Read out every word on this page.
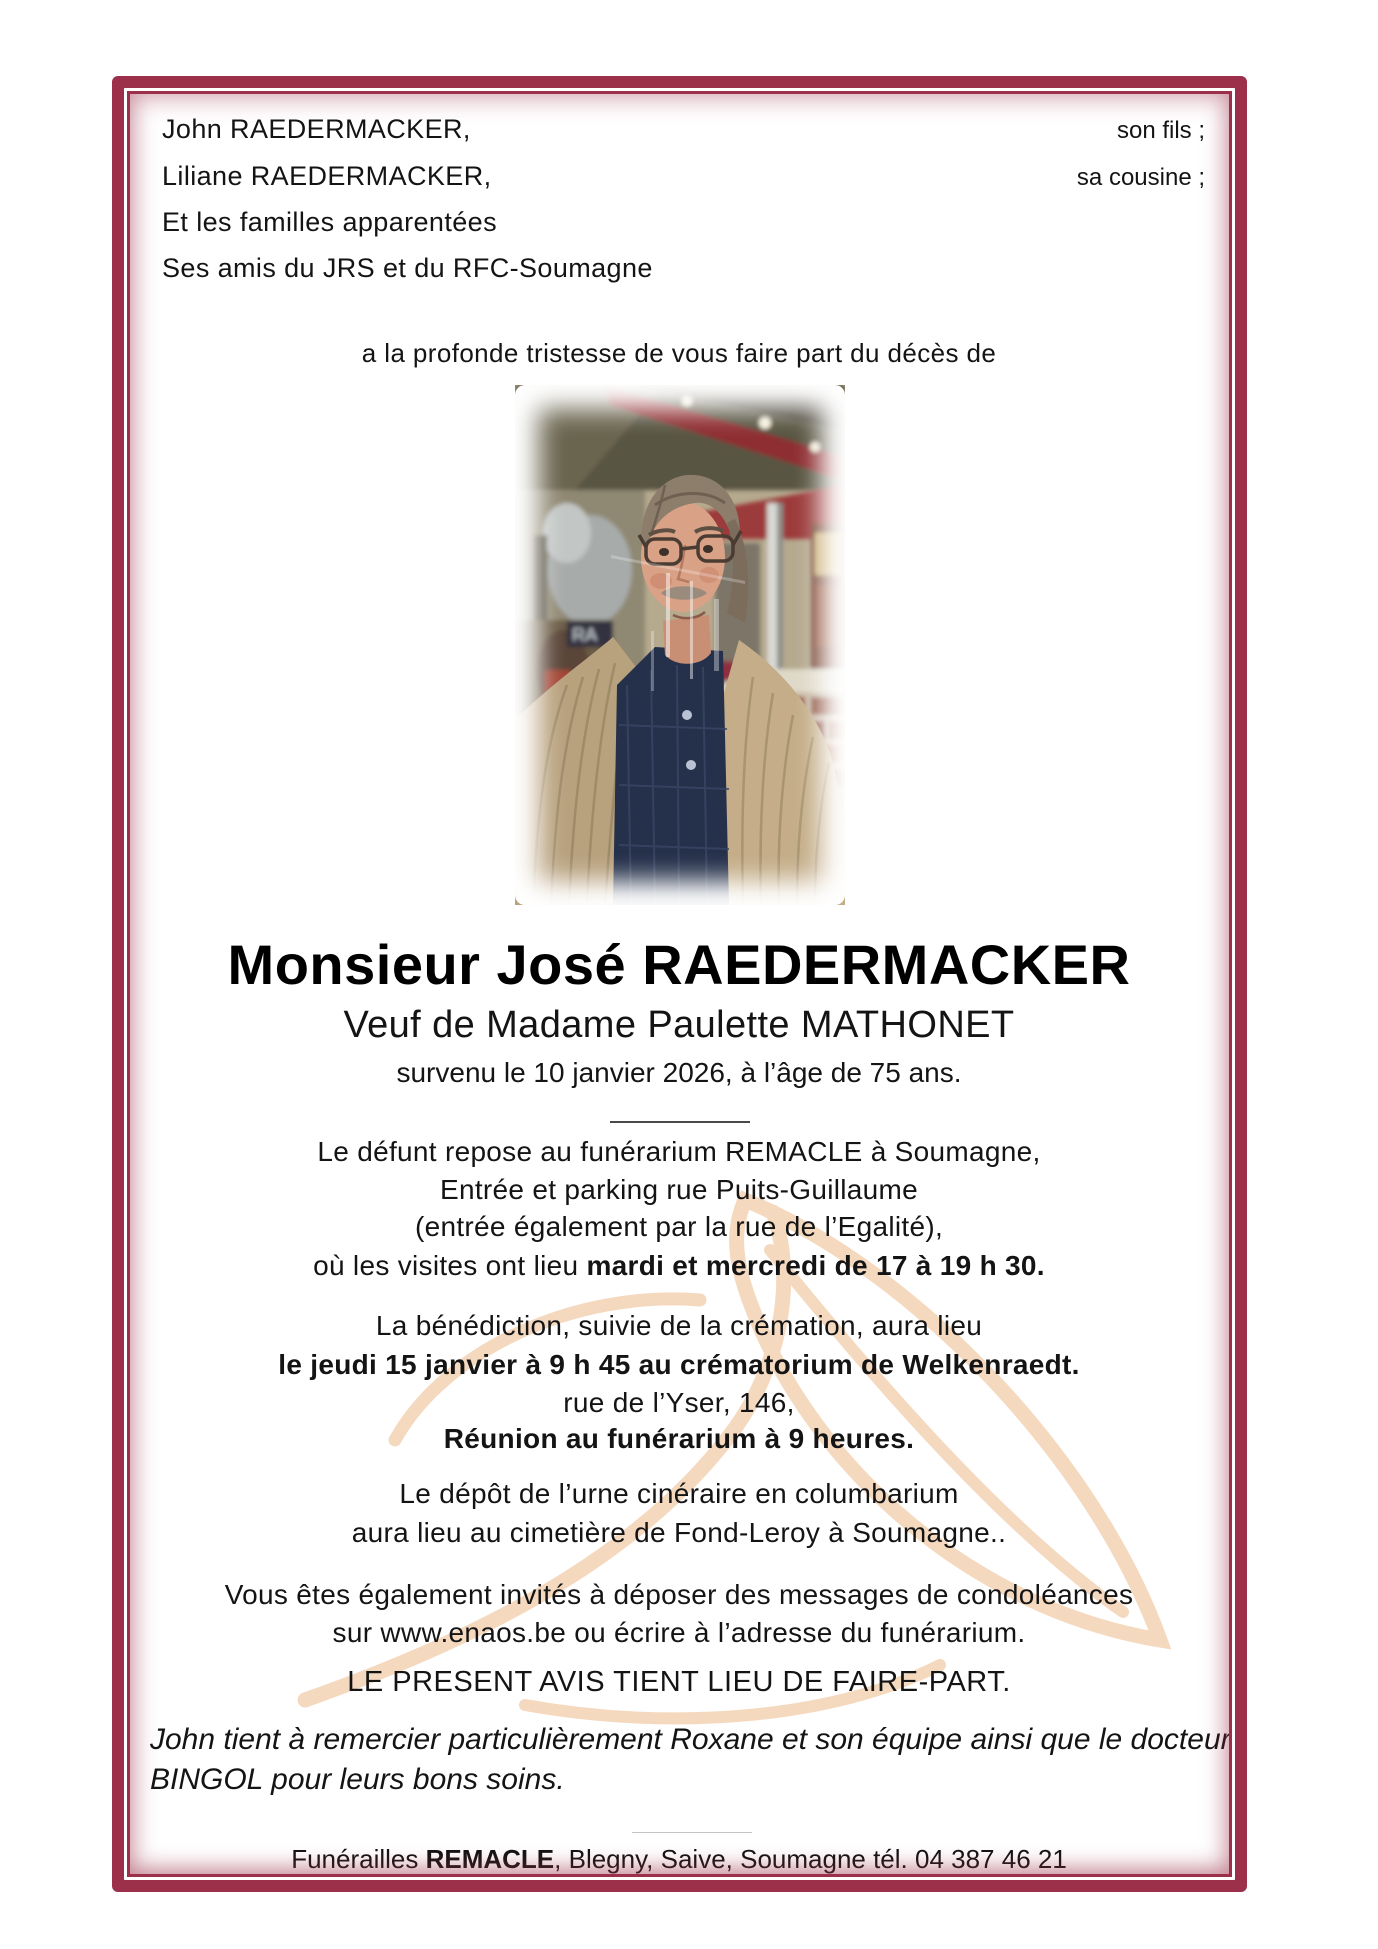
John RAEDERMACKER,	son fils ;
Liliane RAEDERMACKER,	sa cousine ;
Et les familles apparentées
Ses amis du JRS et du RFC-Soumagne
a la profonde tristesse de vous faire part du décès de
RA
Monsieur José RAEDERMACKER
Veuf de Madame Paulette MATHONET
survenu le 10 janvier 2026, à l’âge de 75 ans.
Le défunt repose au funérarium REMACLE à Soumagne,
Entrée et parking rue Puits-Guillaume
(entrée également par la rue de l’Egalité),
où les visites ont lieu mardi et mercredi de 17 à 19 h 30.
La bénédiction, suivie de la crémation, aura lieu
le jeudi 15 janvier à 9 h 45 au crématorium de Welkenraedt.
rue de l’Yser, 146,
Réunion au funérarium à 9 heures.
Le dépôt de l’urne cinéraire en columbarium
aura lieu au cimetière de Fond-Leroy à Soumagne..
Vous êtes également invités à déposer des messages de condoléances
sur www.enaos.be ou écrire à l’adresse du funérarium.
LE PRESENT AVIS TIENT LIEU DE FAIRE-PART.
John tient à remercier particulièrement Roxane et son équipe ainsi que le docteur
BINGOL pour leurs bons soins.
Funérailles REMACLE, Blegny, Saive, Soumagne tél. 04 387 46 21
